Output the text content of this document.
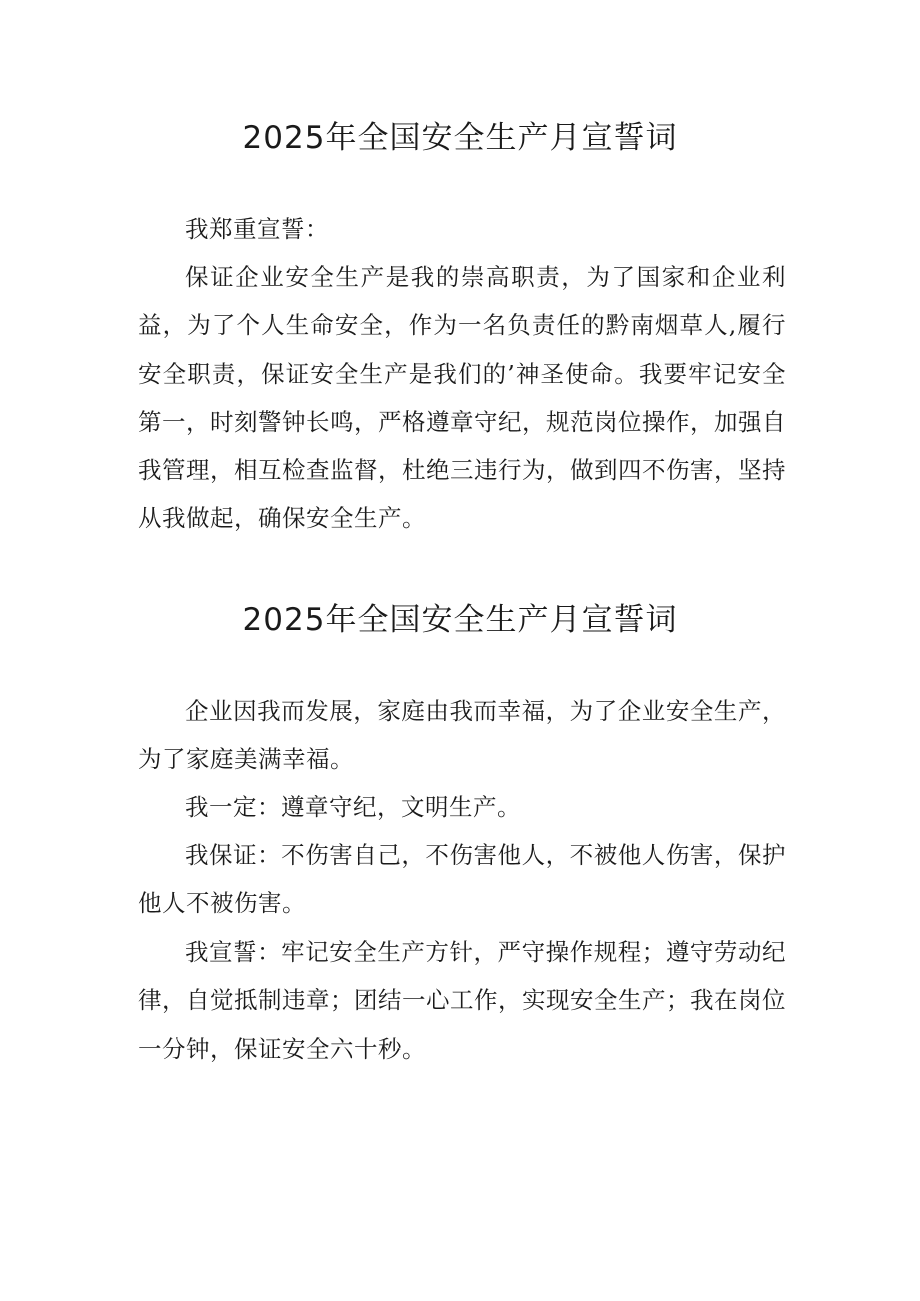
2025年全国安全生产月宣誓词

我郑重宣誓：

保证企业安全生产是我的崇高职责，为了国家和企业利益，为了个人生命安全，作为一名负责任的黔南烟草人,履行安全职责，保证安全生产是我们的’神圣使命。我要牢记安全第一，时刻警钟长鸣，严格遵章守纪，规范岗位操作，加强自我管理，相互检查监督，杜绝三违行为，做到四不伤害，坚持从我做起，确保安全生产。

2025年全国安全生产月宣誓词

企业因我而发展，家庭由我而幸福，为了企业安全生产，为了家庭美满幸福。

我一定：遵章守纪，文明生产。

我保证：不伤害自己，不伤害他人，不被他人伤害，保护他人不被伤害。

我宣誓：牢记安全生产方针，严守操作规程；遵守劳动纪律，自觉抵制违章；团结一心工作，实现安全生产；我在岗位一分钟，保证安全六十秒。
